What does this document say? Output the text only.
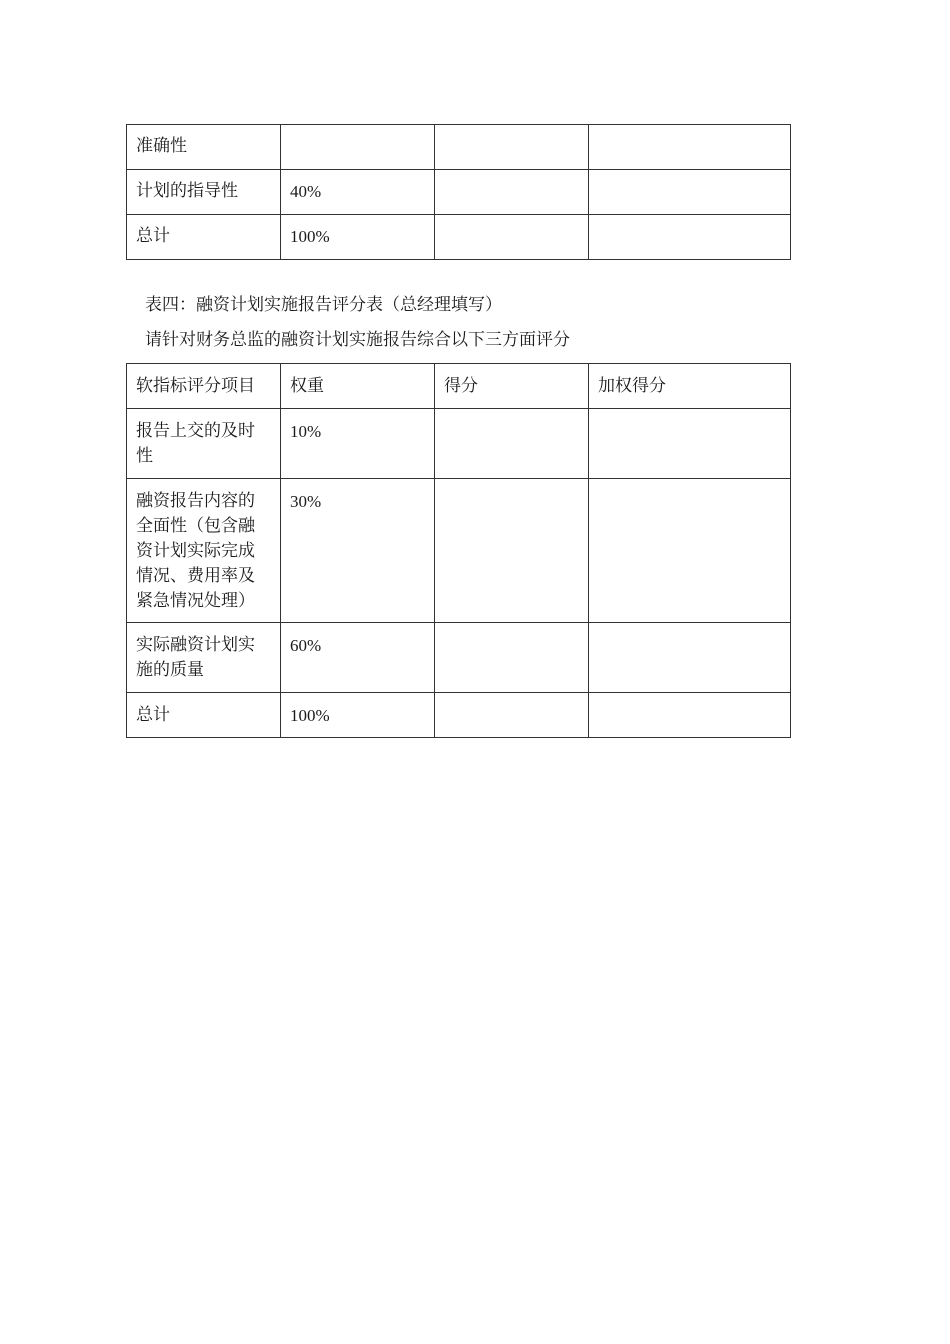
准确性			
计划的指导性	40%		
总计	100%		
表四：融资计划实施报告评分表（总经理填写）
请针对财务总监的融资计划实施报告综合以下三方面评分
软指标评分项目	权重	得分	加权得分
报告上交的及时性	10%		
融资报告内容的全面性（包含融资计划实际完成情况、费用率及紧急情况处理）	30%		
实际融资计划实施的质量	60%		
总计	100%		
